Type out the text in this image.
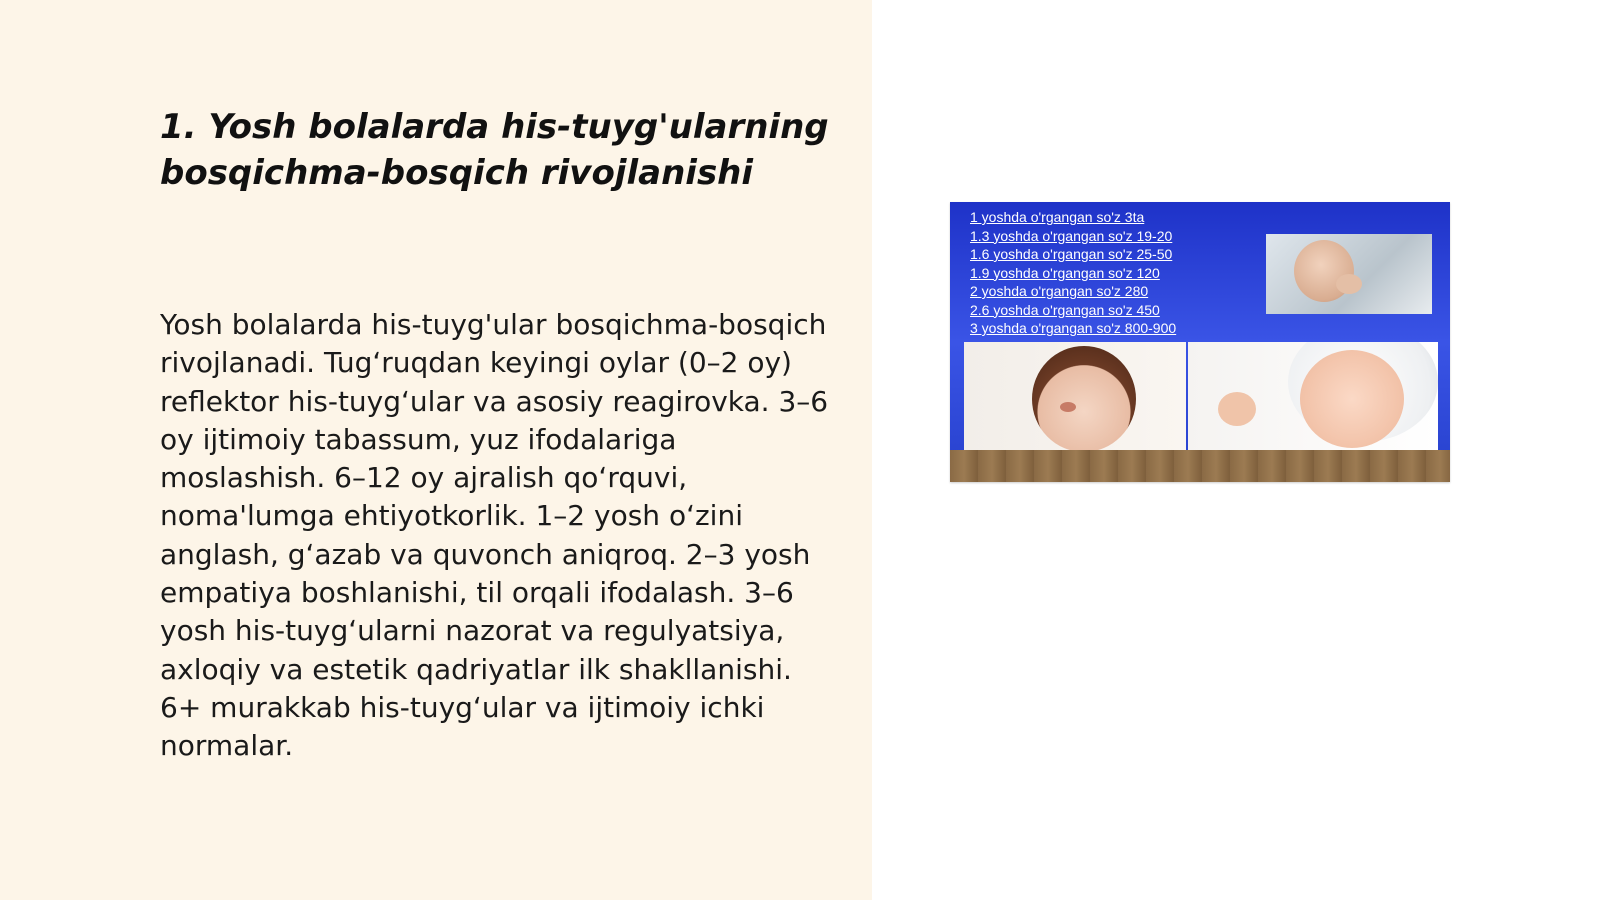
1. Yosh bolalarda his-tuyg'ularning bosqichma-bosqich rivojlanishi

Yosh bolalarda his-tuyg'ular bosqichma-bosqich rivojlanadi. Tugʻruqdan keyingi oylar (0–2 oy) reflektor his-tuygʻular va asosiy reagirovka. 3–6 oy ijtimoiy tabassum, yuz ifodalariga moslashish. 6–12 oy ajralish qoʻrquvi, noma'lumga ehtiyotkorlik. 1–2 yosh oʻzini anglash, gʻazab va quvonch aniqroq. 2–3 yosh empatiya boshlanishi, til orqali ifodalash. 3–6 yosh his-tuygʻularni nazorat va regulyatsiya, axloqiy va estetik qadriyatlar ilk shakllanishi. 6+ murakkab his-tuygʻular va ijtimoiy ichki normalar.

1 yoshda o'rgangan so'z 3ta
1.3 yoshda o'rgangan so'z 19-20
1.6 yoshda o'rgangan so'z 25-50
1.9 yoshda o'rgangan so'z 120
2 yoshda o'rgangan so'z 280
2.6 yoshda o'rgangan so'z 450
3 yoshda o'rgangan so'z 800-900
